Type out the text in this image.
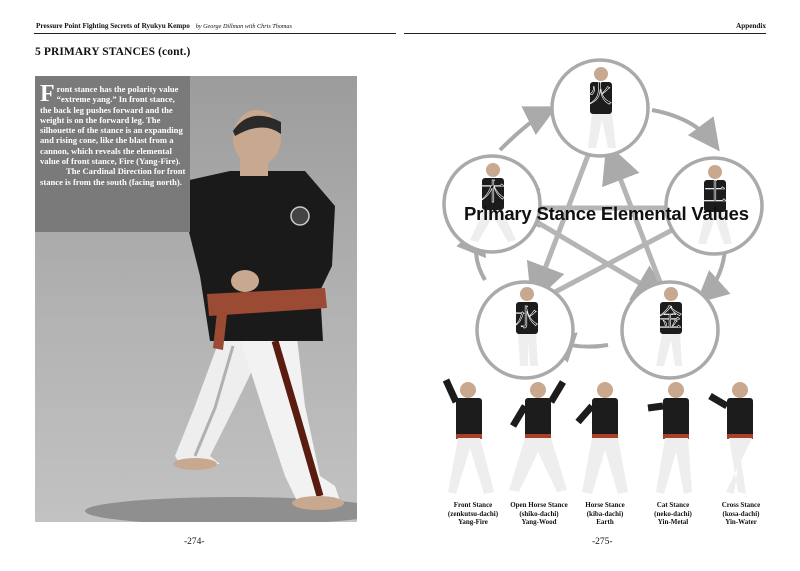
Pressure Point Fighting Secrets of Ryukyu Kempo by George Dillman with Chris Thomas	Appendix
5 PRIMARY STANCES (cont.)

Front stance has the polarity value “extreme yang.” In front stance, the back leg pushes forward and the weight is on the forward leg. The silhouette of the stance is an expanding and rising cone, like the blast from a cannon, which reveals the elemental value of front stance, Fire (Yang-Fire).

The Cardinal Direction for front stance is from the south (facing north).

-274-
火
土
金
水
木
Primary Stance Elemental Values
Front Stance
(zenkutsu-dachi)
Yang-Fire
Open Horse Stance
(shiko-dachi)
Yang-Wood
Horse Stance
(kiba-dachi)
Earth
Cat Stance
(neko-dachi)
Yin-Metal
Cross Stance
(kosa-dachi)
Yin-Water
-275-
